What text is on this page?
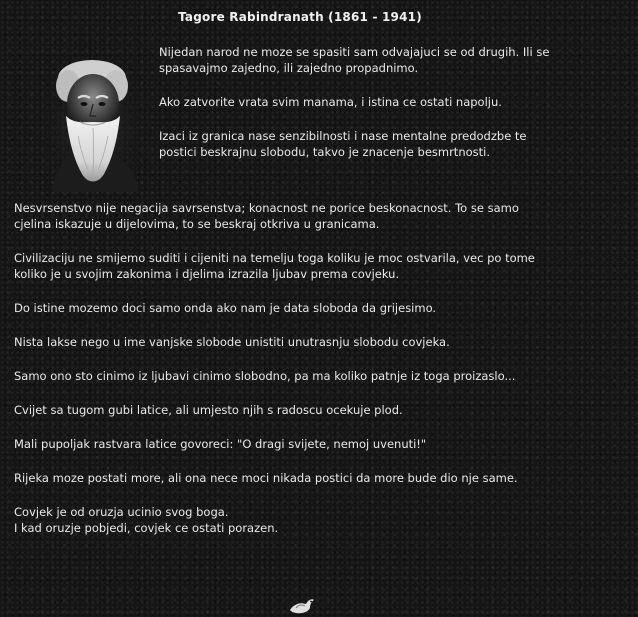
Tagore Rabindranath (1861 - 1941)

Nijedan narod ne moze se spasiti sam odvajajuci se od drugih. Ili se
spasavajmo zajedno, ili zajedno propadnimo.

Ako zatvorite vrata svim manama, i istina ce ostati napolju.

Izaci iz granica nase senzibilnosti i nase mentalne predodzbe te
postici beskrajnu slobodu, takvo je znacenje besmrtnosti.

Nesvrsenstvo nije negacija savrsenstva; konacnost ne porice beskonacnost. To se samo
cjelina iskazuje u dijelovima, to se beskraj otkriva u granicama.

Civilizaciju ne smijemo suditi i cijeniti na temelju toga koliku je moc ostvarila, vec po tome
koliko je u svojim zakonima i djelima izrazila ljubav prema covjeku.

Do istine mozemo doci samo onda ako nam je data sloboda da grijesimo.

Nista lakse nego u ime vanjske slobode unistiti unutrasnju slobodu covjeka.

Samo ono sto cinimo iz ljubavi cinimo slobodno, pa ma koliko patnje iz toga proizaslo...

Cvijet sa tugom gubi latice, ali umjesto njih s radoscu ocekuje plod.

Mali pupoljak rastvara latice govoreci: "O dragi svijete, nemoj uvenuti!"

Rijeka moze postati more, ali ona nece moci nikada postici da more bude dio nje same.

Covjek je od oruzja ucinio svog boga.
I kad oruzje pobjedi, covjek ce ostati porazen.
